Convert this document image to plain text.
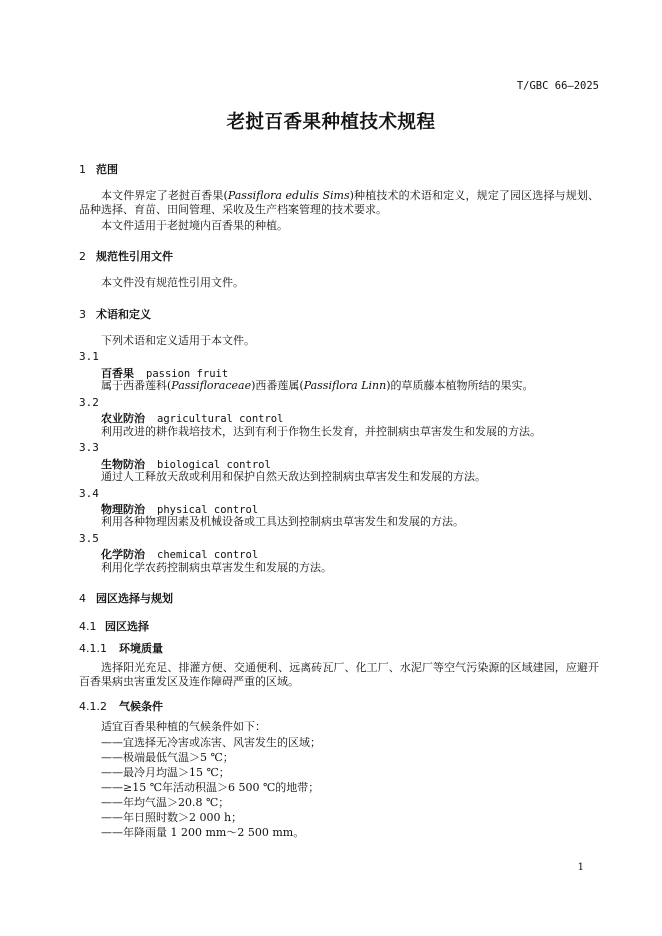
T/GBC 66—2025
老挝百香果种植技术规程
1 范围
本文件界定了老挝百香果(Passiflora edulis Sims)种植技术的术语和定义，规定了园区选择与规划、品种选择、育苗、田间管理、采收及生产档案管理的技术要求。
本文件适用于老挝境内百香果的种植。
2 规范性引用文件
本文件没有规范性引用文件。
3 术语和定义
下列术语和定义适用于本文件。
3.1
百香果 passion fruit
属于西番莲科(Passifloraceae)西番莲属(Passiflora Linn)的草质藤本植物所结的果实。
3.2
农业防治 agricultural control
利用改进的耕作栽培技术，达到有利于作物生长发育，并控制病虫草害发生和发展的方法。
3.3
生物防治 biological control
通过人工释放天敌或利用和保护自然天敌达到控制病虫草害发生和发展的方法。
3.4
物理防治 physical control
利用各种物理因素及机械设备或工具达到控制病虫草害发生和发展的方法。
3.5
化学防治 chemical control
利用化学农药控制病虫草害发生和发展的方法。
4 园区选择与规划
4.1 园区选择
4.1.1 环境质量
选择阳光充足、排灌方便、交通便利、远离砖瓦厂、化工厂、水泥厂等空气污染源的区域建园，应避开百香果病虫害重发区及连作障碍严重的区域。
4.1.2 气候条件
适宜百香果种植的气候条件如下：
——宜选择无冷害或冻害、风害发生的区域；
——极端最低气温＞5 ℃；
——最冷月均温＞15 ℃；
——≥15 ℃年活动积温＞6 500 ℃的地带；
——年均气温＞20.8 ℃；
——年日照时数＞2 000 h；
——年降雨量 1 200 mm～2 500 mm。
1
